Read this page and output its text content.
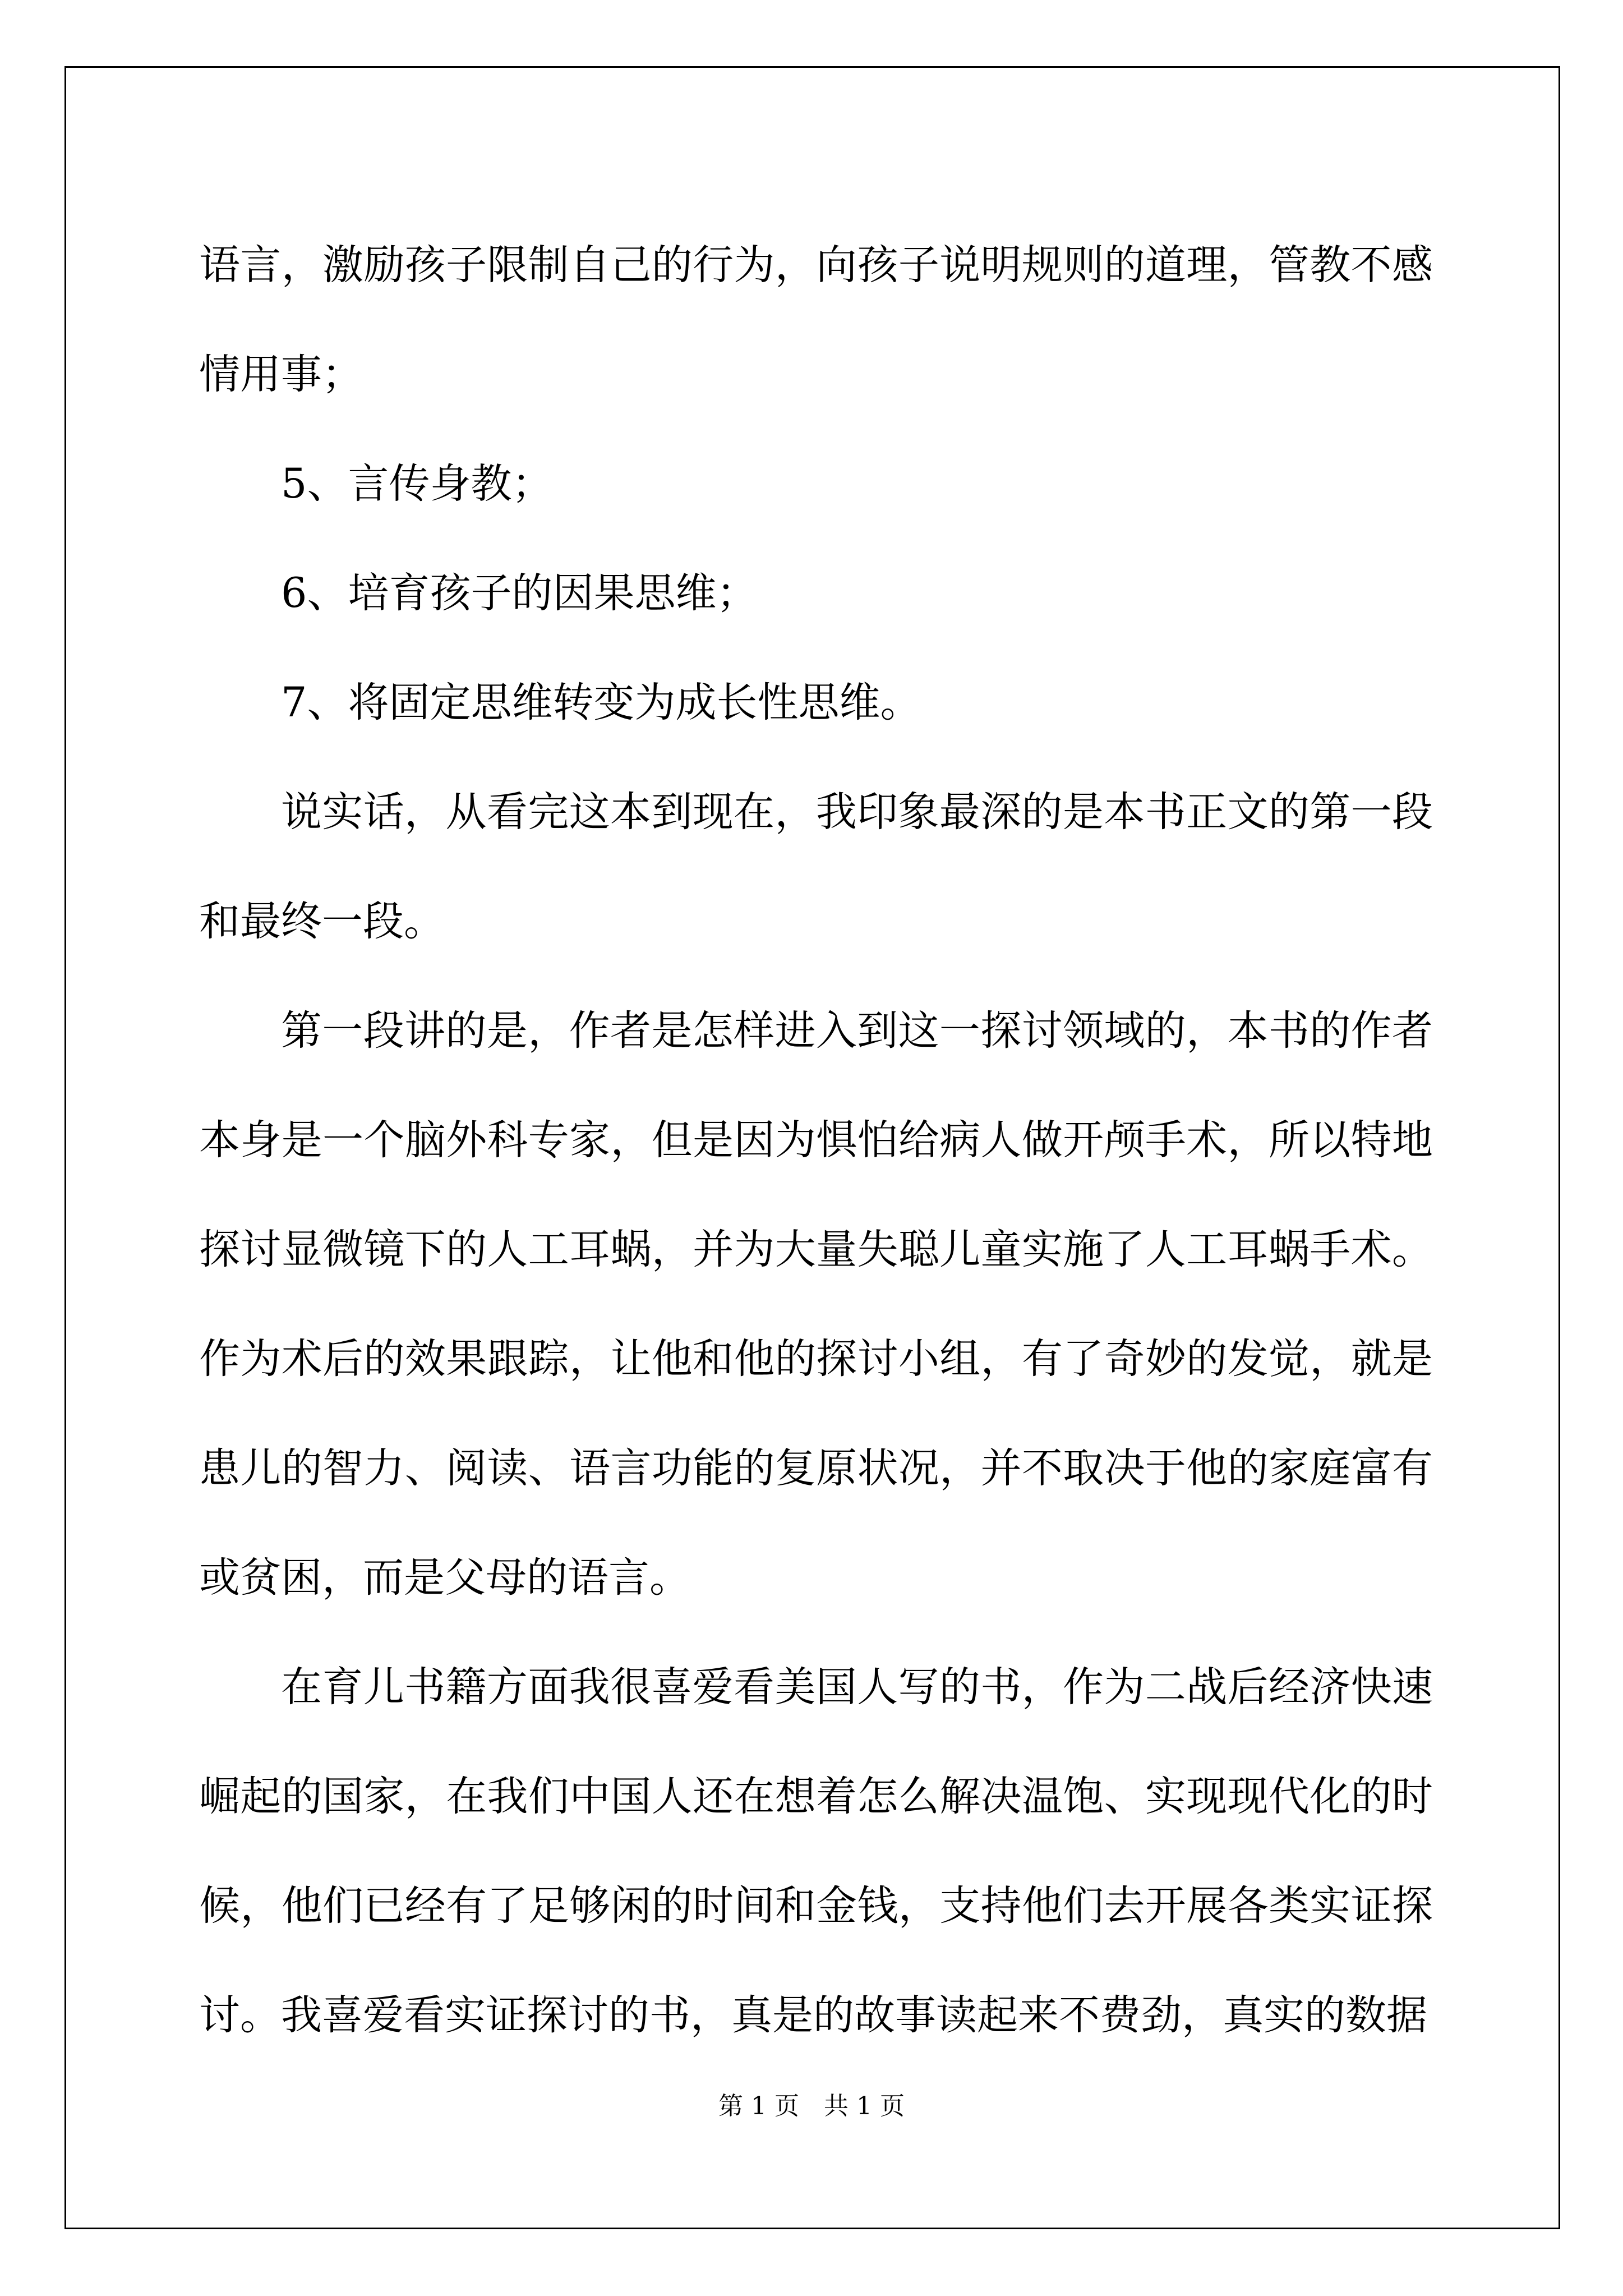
语言，激励孩子限制自己的行为，向孩子说明规则的道理，管教不感情用事；

5、言传身教；

6、培育孩子的因果思维；

7、将固定思维转变为成长性思维。

说实话，从看完这本到现在，我印象最深的是本书正文的第一段和最终一段。

第一段讲的是，作者是怎样进入到这一探讨领域的，本书的作者本身是一个脑外科专家，但是因为惧怕给病人做开颅手术，所以特地探讨显微镜下的人工耳蜗，并为大量失聪儿童实施了人工耳蜗手术。作为术后的效果跟踪，让他和他的探讨小组，有了奇妙的发觉，就是患儿的智力、阅读、语言功能的复原状况，并不取决于他的家庭富有或贫困，而是父母的语言。

在育儿书籍方面我很喜爱看美国人写的书，作为二战后经济快速崛起的国家，在我们中国人还在想着怎么解决温饱、实现现代化的时候，他们已经有了足够闲的时间和金钱，支持他们去开展各类实证探讨。我喜爱看实证探讨的书，真是的故事读起来不费劲，真实的数据

第 1 页 共 1 页
